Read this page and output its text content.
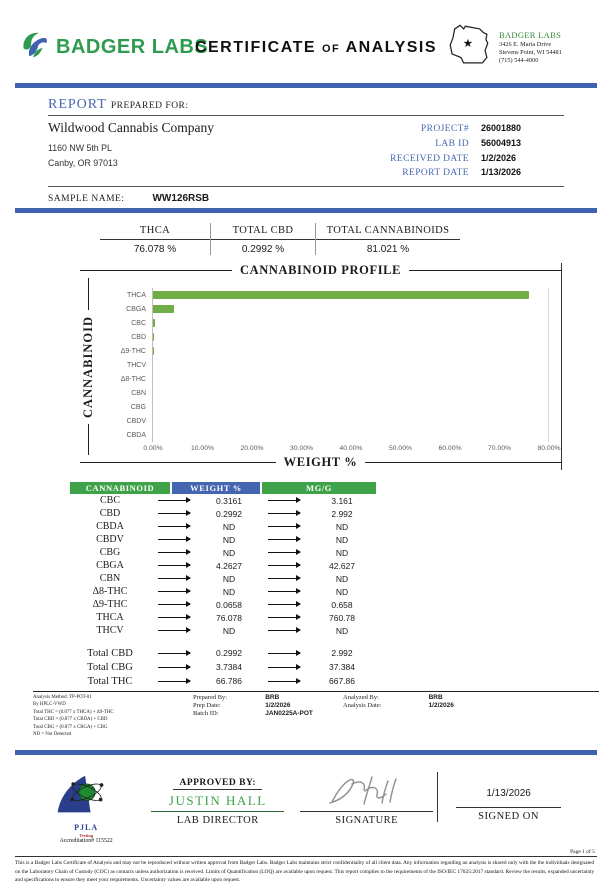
BADGER LABS
CERTIFICATE of ANALYSIS	★
BADGER LABS
3426 E. Maria Drive
Stevens Point, WI 54481
(715) 544-4900
REPORT PREPARED FOR:
Wildwood Cannabis Company
1160 NW 5th PL
Canby, OR 97013
PROJECT#	26001880
LAB ID	56004913
RECEIVED DATE	1/2/2026
REPORT DATE	1/13/2026
SAMPLE NAME:	WW126RSB
THCA
76.078 %
TOTAL CBD
0.2992 %
TOTAL CANNABINOIDS
81.021 %
CANNABINOID PROFILE
CANNABINOID
THCA
CBGA
CBC
CBD
Δ9-THC
THCV
Δ8-THC
CBN
CBG
CBDV
CBDA
0.00%	10.00%	20.00%	30.00%	40.00%	50.00%	60.00%	70.00%	80.00%
WEIGHT %
CANNABINOID	WEIGHT %	MG/G
CBC	0.3161	3.161
CBD	0.2992	2.992
CBDA	ND	ND
CBDV	ND	ND
CBG	ND	ND
CBGA	4.2627	42.627
CBN	ND	ND
Δ8-THC	ND	ND
Δ9-THC	0.0658	0.658
THCA	76.078	760.78
THCV	ND	ND
Total CBD	0.2992	2.992
Total CBG	3.7384	37.384
Total THC	66.786	667.86
Analysis Method: TP-POT-01
By HPLC-VWD
Total THC = (0.877 x THCA) + Δ9-THC
Total CBD = (0.877 x CBDA) + CBD
Total CBG = (0.877 x CBGA) + CBG
ND = Not Detected
Prepared By:	BRB
Prep Date:	1/2/2026
Batch ID:	JAN0225A-POT
Analyzed By:	BRB
Analysis Date:	1/2/2026
PJLA
Testing
Accreditation# 115522
APPROVED BY:
JUSTIN HALL
LAB DIRECTOR	SIGNATURE
1/13/2026
SIGNED ON
Page 1 of 5
This is a Badger Labs Certificate of Analysis and may not be reproduced without written approval from Badger Labs. Badger Labs maintains strict confidentiality of all client data. Any information regarding an analysis is shared only with the the individuals designated on the Laboratory Chain of Custody (COC) as contacts unless authorization is received. Limits of Quantification (LOQ) are available upon request. This report complies to the requirements of the ISO/IEC 17025:2017 standard. Review the results, expanded uncertainty and specifications to ensure they meet your requirements. Uncertainty values are available upon request.
